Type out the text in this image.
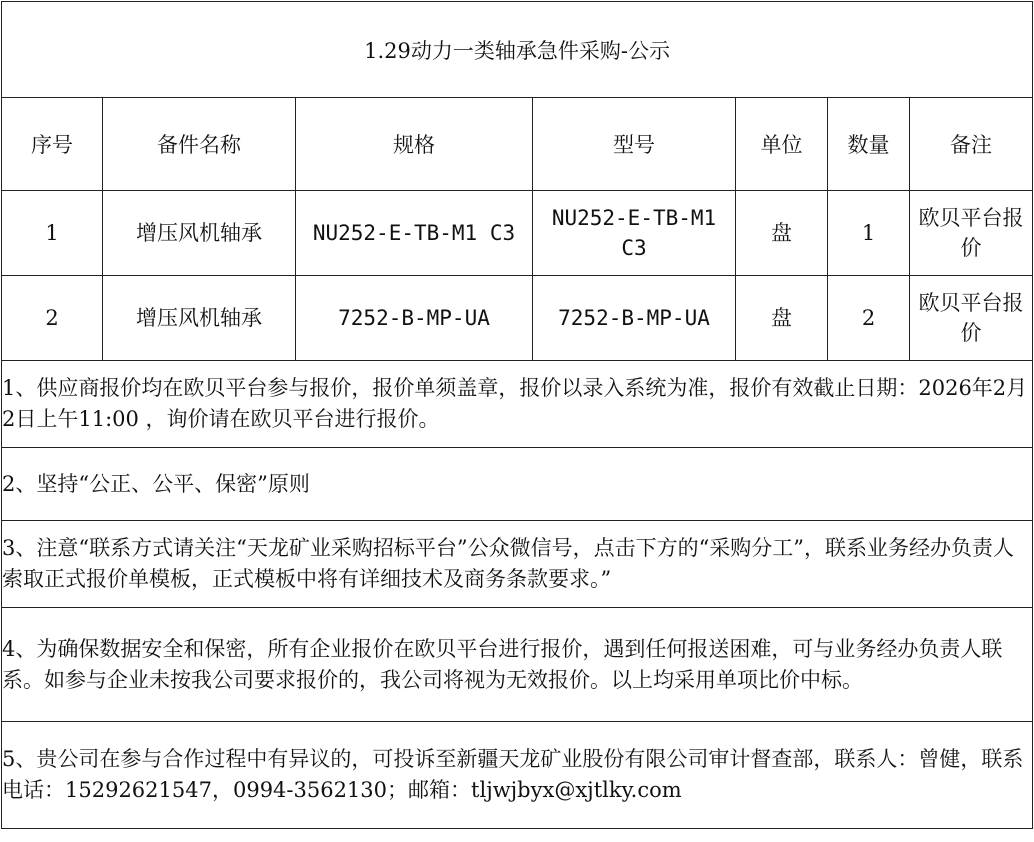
1.29动力一类轴承急件采购-公示						
序号	备件名称	规格	型号	单位	数量	备注
1	增压风机轴承	NU252-E-TB-M1 C3	NU252-E-TB-M1 C3	盘	1	欧贝平台报价
2	增压风机轴承	7252-B-MP-UA	7252-B-MP-UA	盘	2	欧贝平台报价
1、供应商报价均在欧贝平台参与报价，报价单须盖章，报价以录入系统为准，报价有效截止日期：2026年2月2日上午11:00 ，询价请在欧贝平台进行报价。						
2、坚持“公正、公平、保密”原则						
3、注意“联系方式请关注“天龙矿业采购招标平台”公众微信号，点击下方的“采购分工”，联系业务经办负责人索取正式报价单模板，正式模板中将有详细技术及商务条款要求。”						
4、为确保数据安全和保密，所有企业报价在欧贝平台进行报价，遇到任何报送困难，可与业务经办负责人联系。如参与企业未按我公司要求报价的，我公司将视为无效报价。以上均采用单项比价中标。						
5、贵公司在参与合作过程中有异议的，可投诉至新疆天龙矿业股份有限公司审计督查部，联系人：曾健，联系电话：15292621547，0994-3562130；邮箱：tljwjbyx@xjtlky.com						
